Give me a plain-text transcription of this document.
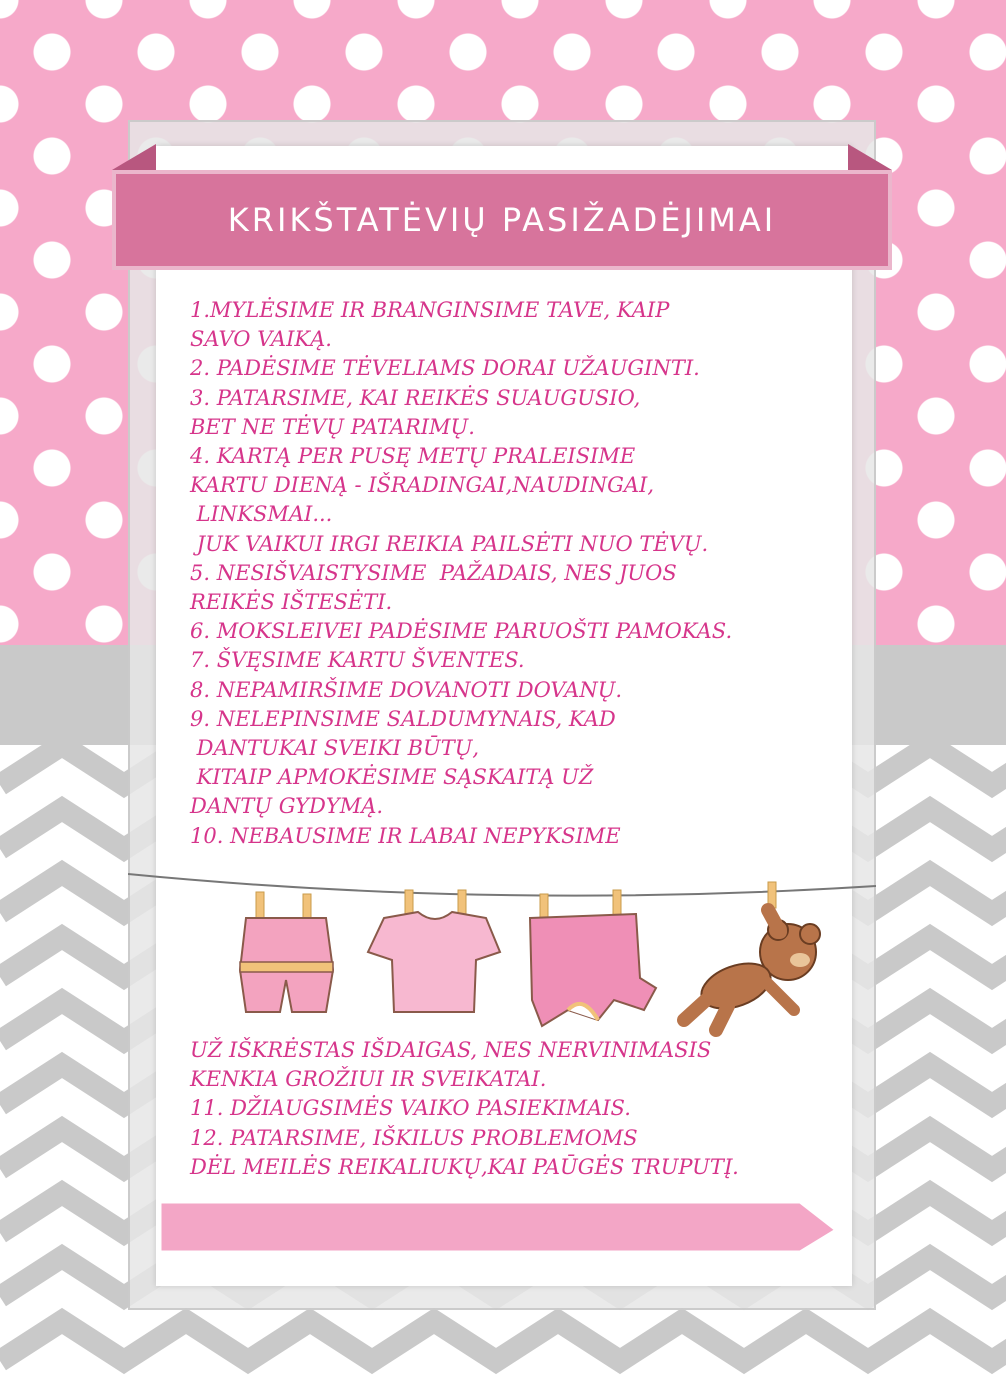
KRIKŠTATĖVIŲ PASIŽADĖJIMAI
1.MYLĖSIME IR BRANGINSIME TAVE, KAIP
SAVO VAIKĄ.
2. PADĖSIME TĖVELIAMS DORAI UŽAUGINTI.
3. PATARSIME, KAI REIKĖS SUAUGUSIO,
BET NE TĖVŲ PATARIMŲ.
4. KARTĄ PER PUSĘ METŲ PRALEISIME
KARTU DIENĄ - IŠRADINGAI,NAUDINGAI,
LINKSMAI...
JUK VAIKUI IRGI REIKIA PAILSĖTI NUO TĖVŲ.
5. NESIŠVAISTYSIME  PAŽADAIS, NES JUOS
REIKĖS IŠTESĖTI.
6. MOKSLEIVEI PADĖSIME PARUOŠTI PAMOKAS.
7. ŠVĘSIME KARTU ŠVENTES.
8. NEPAMIRŠIME DOVANOTI DOVANŲ.
9. NELEPINSIME SALDUMYNAIS, KAD
DANTUKAI SVEIKI BŪTŲ,
KITAIP APMOKĖSIME SĄSKAITĄ UŽ
DANTŲ GYDYMĄ.
10. NEBAUSIME IR LABAI NEPYKSIME
UŽ IŠKRĖSTAS IŠDAIGAS, NES NERVINIMASIS
KENKIA GROŽIUI IR SVEIKATAI.
11. DŽIAUGSIMĖS VAIKO PASIEKIMAIS.
12. PATARSIME, IŠKILUS PROBLEMOMS
DĖL MEILĖS REIKALIUKŲ,KAI PAŪGĖS TRUPUTĮ.
